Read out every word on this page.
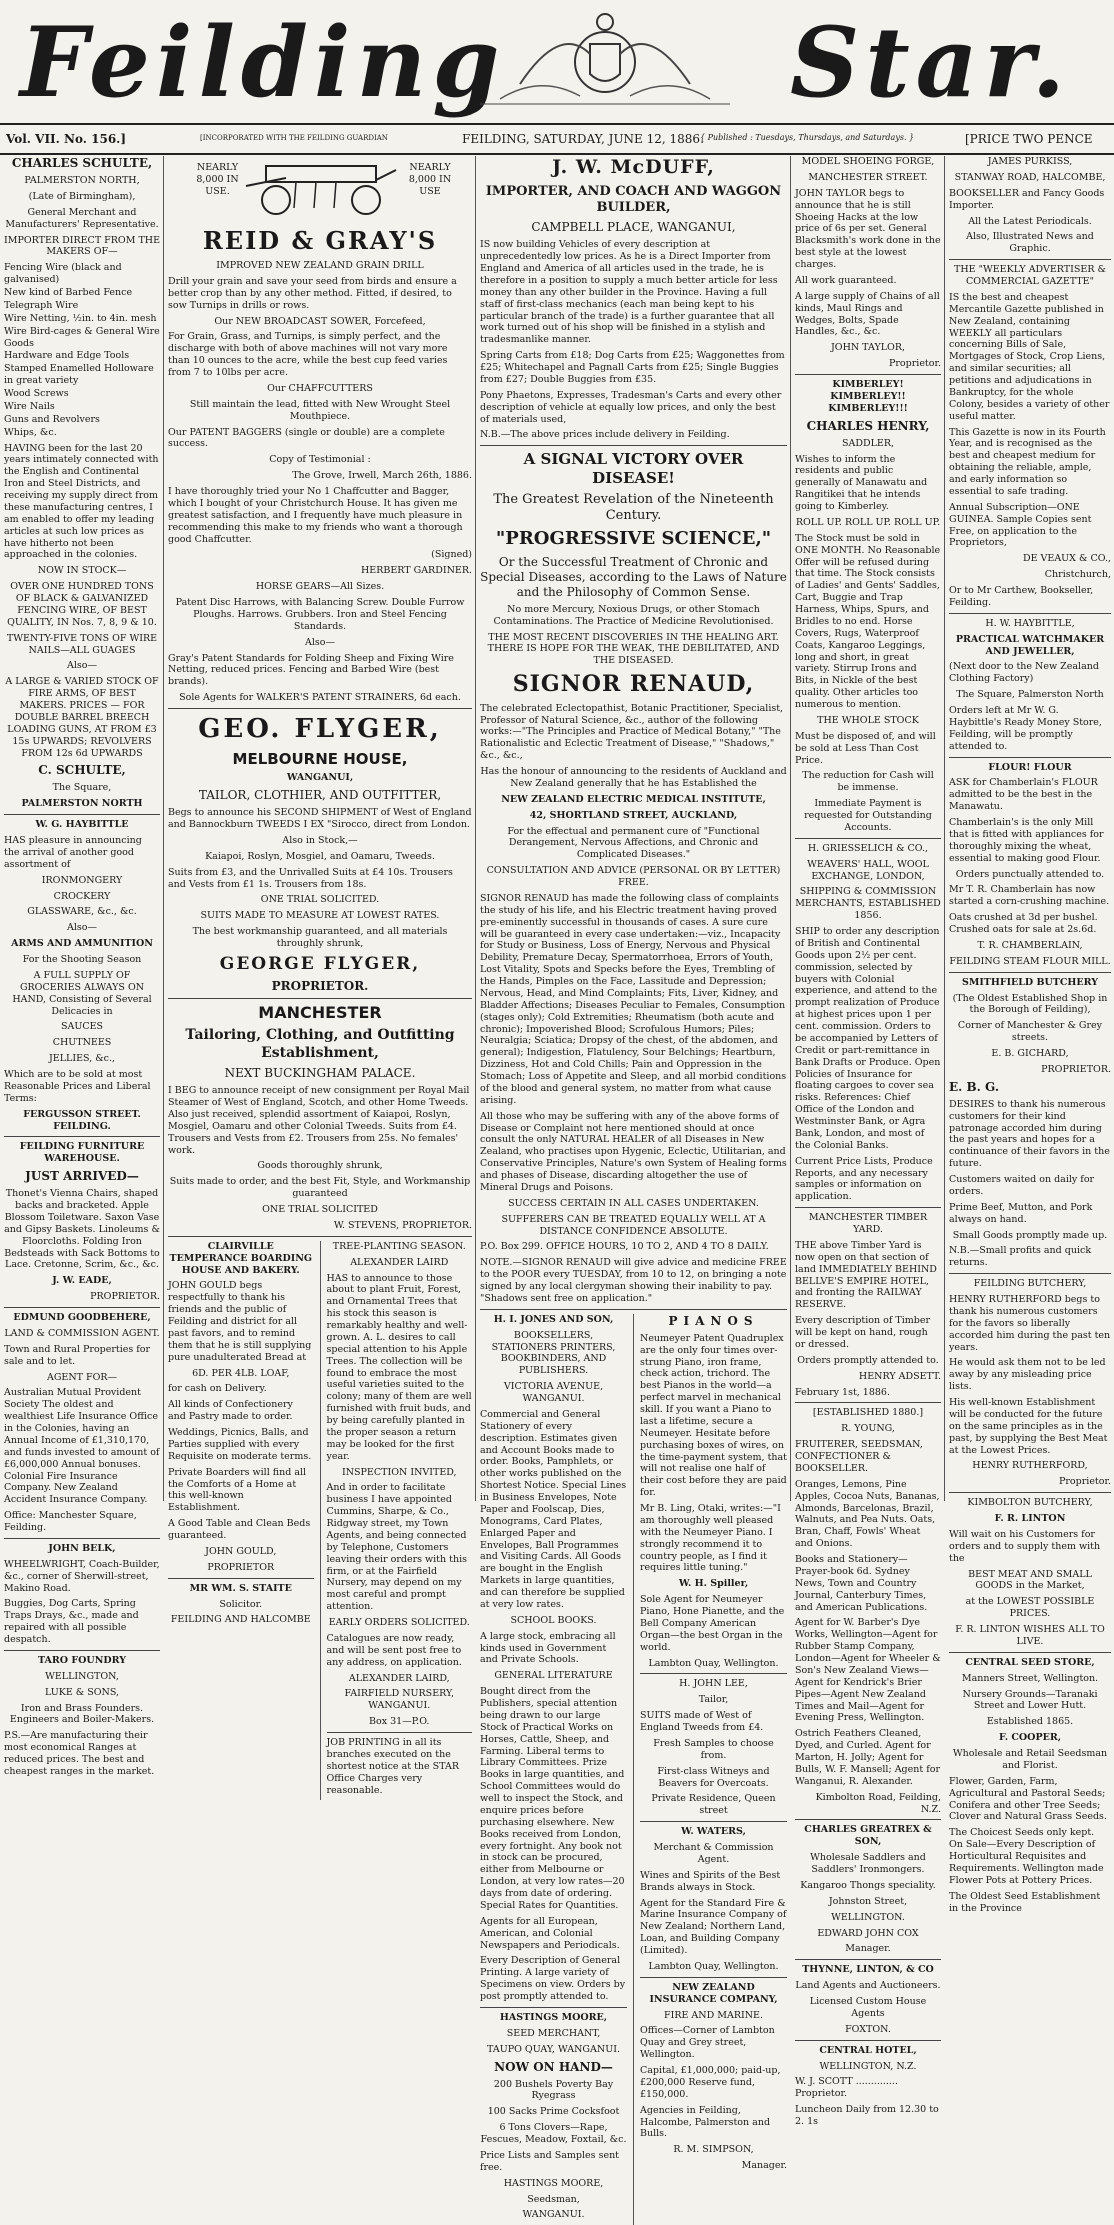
Feilding	Star.
Vol. VII. No. 156.]	[INCORPORATED WITH THE FEILDING GUARDIAN	FEILDING, SATURDAY, JUNE 12, 1886.
{ Published : Tuesdays, Thursdays, and Saturdays. }	[PRICE TWO PENCE

CHARLES SCHULTE,

PALMERSTON NORTH,

(Late of Birmingham),

General Merchant and Manufacturers' Representative.

IMPORTER DIRECT FROM THE MAKERS OF—

Fencing Wire (black and galvanised)
New kind of Barbed Fence
Telegraph Wire
Wire Netting, ½in. to 4in. mesh
Wire Bird-cages & General Wire Goods
Hardware and Edge Tools
Stamped Enamelled Holloware in great variety
Wood Screws
Wire Nails
Guns and Revolvers
Whips, &c.

HAVING been for the last 20 years intimately connected with the English and Continental Iron and Steel Districts, and receiving my supply direct from these manufacturing centres, I am enabled to offer my leading articles at such low prices as have hitherto not been approached in the colonies.

NOW IN STOCK—

OVER ONE HUNDRED TONS OF BLACK & GALVANIZED FENCING WIRE, OF BEST QUALITY, IN Nos. 7, 8, 9 & 10.

TWENTY-FIVE TONS OF WIRE NAILS—ALL GUAGES

Also—

A LARGE & VARIED STOCK OF FIRE ARMS, OF BEST MAKERS. PRICES — FOR DOUBLE BARREL BREECH LOADING GUNS, AT FROM £3 15s UPWARDS; REVOLVERS FROM 12s 6d UPWARDS

C. SCHULTE,

The Square,

PALMERSTON NORTH

W. G. HAYBITTLE

HAS pleasure in announcing the arrival of another good assortment of

IRONMONGERY

CROCKERY

GLASSWARE, &c., &c.

Also—

ARMS AND AMMUNITION

For the Shooting Season

A FULL SUPPLY OF GROCERIES ALWAYS ON HAND, Consisting of Several Delicacies in

SAUCES

CHUTNEES

JELLIES, &c.,

Which are to be sold at most Reasonable Prices and Liberal Terms:

FERGUSSON STREET. FEILDING.

FEILDING FURNITURE WAREHOUSE.

JUST ARRIVED—

Thonet's Vienna Chairs, shaped backs and bracketed. Apple Blossom Toiletware. Saxon Vase and Gipsy Baskets. Linoleums & Floorcloths. Folding Iron Bedsteads with Sack Bottoms to Lace. Cretonne, Scrim, &c., &c.

J. W. EADE,

PROPRIETOR.

EDMUND GOODBEHERE,

LAND & COMMISSION AGENT.

Town and Rural Properties for sale and to let.

AGENT FOR—

Australian Mutual Provident Society The oldest and wealthiest Life Insurance Office in the Colonies, having an Annual Income of £1,310,170, and funds invested to amount of £6,000,000 Annual bonuses. Colonial Fire Insurance Company. New Zealand Accident Insurance Company.

Office: Manchester Square, Feilding.

JOHN BELK,

WHEELWRIGHT, Coach-Builder, &c., corner of Sherwill-street, Makino Road.

Buggies, Dog Carts, Spring Traps Drays, &c., made and repaired with all possible despatch.

TARO FOUNDRY

WELLINGTON,

LUKE & SONS,

Iron and Brass Founders. Engineers and Boiler-Makers.

P.S.—Are manufacturing their most economical Ranges at reduced prices. The best and cheapest ranges in the market.

NEARLY 8,000 IN USE.
NEARLY 8,000 IN USE

REID & GRAY'S

IMPROVED NEW ZEALAND GRAIN DRILL

Drill your grain and save your seed from birds and ensure a better crop than by any other method. Fitted, if desired, to sow Turnips in drills or rows.

Our NEW BROADCAST SOWER, Forcefeed,

For Grain, Grass, and Turnips, is simply perfect, and the discharge with both of above machines will not vary more than 10 ounces to the acre, while the best cup feed varies from 7 to 10lbs per acre.

Our CHAFFCUTTERS

Still maintain the lead, fitted with New Wrought Steel Mouthpiece.

Our PATENT BAGGERS (single or double) are a complete success.

Copy of Testimonial :

The Grove, Irwell, March 26th, 1886.

I have thoroughly tried your No 1 Chaffcutter and Bagger, which I bought of your Christchurch House. It has given me greatest satisfaction, and I frequently have much pleasure in recommending this make to my friends who want a thorough good Chaffcutter.

(Signed)

HERBERT GARDINER.

HORSE GEARS—All Sizes.

Patent Disc Harrows, with Balancing Screw. Double Furrow Ploughs. Harrows. Grubbers. Iron and Steel Fencing Standards.

Also—

Gray's Patent Standards for Folding Sheep and Fixing Wire Netting, reduced prices. Fencing and Barbed Wire (best brands).

Sole Agents for WALKER'S PATENT STRAINERS, 6d each.

GEO. FLYGER,

MELBOURNE HOUSE,

WANGANUI,

TAILOR, CLOTHIER, AND OUTFITTER,

Begs to announce his SECOND SHIPMENT of West of England and Bannockburn TWEEDS I EX "Sirocco, direct from London.

Also in Stock,—

Kaiapoi, Roslyn, Mosgiel, and Oamaru, Tweeds.

Suits from £3, and the Unrivalled Suits at £4 10s. Trousers and Vests from £1 1s. Trousers from 18s.

ONE TRIAL SOLICITED.

SUITS MADE TO MEASURE AT LOWEST RATES.

The best workmanship guaranteed, and all materials throughly shrunk,

GEORGE FLYGER,

PROPRIETOR.

MANCHESTER

Tailoring, Clothing, and Outfitting Establishment,

NEXT BUCKINGHAM PALACE.

I BEG to announce receipt of new consignment per Royal Mail Steamer of West of England, Scotch, and other Home Tweeds. Also just received, splendid assortment of Kaiapoi, Roslyn, Mosgiel, Oamaru and other Colonial Tweeds. Suits from £4. Trousers and Vests from £2. Trousers from 25s. No females' work.

Goods thoroughly shrunk,

Suits made to order, and the best Fit, Style, and Workmanship guaranteed

ONE TRIAL SOLICITED

W. STEVENS, PROPRIETOR.

CLAIRVILLE TEMPERANCE BOARDING HOUSE AND BAKERY.

JOHN GOULD begs respectfully to thank his friends and the public of Feilding and district for all past favors, and to remind them that he is still supplying pure unadulterated Bread at

6D. PER 4LB. LOAF,

for cash on Delivery.

All kinds of Confectionery and Pastry made to order.

Weddings, Picnics, Balls, and Parties supplied with every Requisite on moderate terms.

Private Boarders will find all the Comforts of a Home at this well-known Establishment.

A Good Table and Clean Beds guaranteed.

JOHN GOULD,

PROPRIETOR

MR WM. S. STAITE

Solicitor.

FEILDING AND HALCOMBE

TREE-PLANTING SEASON.

ALEXANDER LAIRD

HAS to announce to those about to plant Fruit, Forest, and Ornamental Trees that his stock this season is remarkably healthy and well-grown. A. L. desires to call special attention to his Apple Trees. The collection will be found to embrace the most useful varieties suited to the colony; many of them are well furnished with fruit buds, and by being carefully planted in the proper season a return may be looked for the first year.

INSPECTION INVITED,

And in order to facilitate business I have appointed Cummins, Sharpe, & Co., Ridgway street, my Town Agents, and being connected by Telephone, Customers leaving their orders with this firm, or at the Fairfield Nursery, may depend on my most careful and prompt attention.

EARLY ORDERS SOLICITED.

Catalogues are now ready, and will be sent post free to any address, on application.

ALEXANDER LAIRD,

FAIRFIELD NURSERY, WANGANUI.

Box 31—P.O.

JOB PRINTING in all its branches executed on the shortest notice at the STAR Office Charges very reasonable.

J. W. McDUFF,

IMPORTER, AND COACH AND WAGGON BUILDER,

CAMPBELL PLACE, WANGANUI,

IS now building Vehicles of every description at unprecedentedly low prices. As he is a Direct Importer from England and America of all articles used in the trade, he is therefore in a position to supply a much better article for less money than any other builder in the Province. Having a full staff of first-class mechanics (each man being kept to his particular branch of the trade) is a further guarantee that all work turned out of his shop will be finished in a stylish and tradesmanlike manner.

Spring Carts from £18; Dog Carts from £25; Waggonettes from £25; Whitechapel and Pagnall Carts from £25; Single Buggies from £27; Double Buggies from £35.

Pony Phaetons, Expresses, Tradesman's Carts and every other description of vehicle at equally low prices, and only the best of materials used,

N.B.—The above prices include delivery in Feilding.

A SIGNAL VICTORY OVER DISEASE!

The Greatest Revelation of the Nineteenth Century.

"PROGRESSIVE SCIENCE,"

Or the Successful Treatment of Chronic and Special Diseases, according to the Laws of Nature and the Philosophy of Common Sense.

No more Mercury, Noxious Drugs, or other Stomach Contaminations. The Practice of Medicine Revolutionised.

THE MOST RECENT DISCOVERIES IN THE HEALING ART. THERE IS HOPE FOR THE WEAK, THE DEBILITATED, AND THE DISEASED.

SIGNOR RENAUD,

The celebrated Eclectopathist, Botanic Practitioner, Specialist, Professor of Natural Science, &c., author of the following works:—"The Principles and Practice of Medical Botany," "The Rationalistic and Eclectic Treatment of Disease," "Shadows," &c., &c.,

Has the honour of announcing to the residents of Auckland and New Zealand generally that he has Established the

NEW ZEALAND ELECTRIC MEDICAL INSTITUTE,

42, SHORTLAND STREET, AUCKLAND,

For the effectual and permanent cure of "Functional Derangement, Nervous Affections, and Chronic and Complicated Diseases."

CONSULTATION AND ADVICE (PERSONAL OR BY LETTER) FREE.

SIGNOR RENAUD has made the following class of complaints the study of his life, and his Electric treatment having proved pre-eminently successful in thousands of cases. A sure cure will be guaranteed in every case undertaken:—viz., Incapacity for Study or Business, Loss of Energy, Nervous and Physical Debility, Premature Decay, Spermatorrhoea, Errors of Youth, Lost Vitality, Spots and Specks before the Eyes, Trembling of the Hands, Pimples on the Face, Lassitude and Depression; Nervous, Head, and Mind Complaints; Fits, Liver, Kidney, and Bladder Affections; Diseases Peculiar to Females, Consumption (stages only); Cold Extremities; Rheumatism (both acute and chronic); Impoverished Blood; Scrofulous Humors; Piles; Neuralgia; Sciatica; Dropsy of the chest, of the abdomen, and general); Indigestion, Flatulency, Sour Belchings; Heartburn, Dizziness, Hot and Cold Chills; Pain and Oppression in the Stomach; Loss of Appetite and Sleep, and all morbid conditions of the blood and general system, no matter from what cause arising.

All those who may be suffering with any of the above forms of Disease or Complaint not here mentioned should at once consult the only NATURAL HEALER of all Diseases in New Zealand, who practises upon Hygenic, Eclectic, Utilitarian, and Conservative Principles, Nature's own System of Healing forms and phases of Disease, discarding altogether the use of Mineral Drugs and Poisons.

SUCCESS CERTAIN IN ALL CASES UNDERTAKEN.

SUFFERERS CAN BE TREATED EQUALLY WELL AT A DISTANCE CONFIDENCE ABSOLUTE.

P.O. Box 299. OFFICE HOURS, 10 TO 2, AND 4 TO 8 DAILY.

NOTE.—SIGNOR RENAUD will give advice and medicine FREE to the POOR every TUESDAY, from 10 to 12, on bringing a note signed by any local clergyman showing their inability to pay. "Shadows sent free on application."

H. I. JONES AND SON,

BOOKSELLERS, STATIONERS PRINTERS, BOOKBINDERS, AND PUBLISHERS.

VICTORIA AVENUE, WANGANUI.

Commercial and General Stationery of every description. Estimates given and Account Books made to order. Books, Pamphlets, or other works published on the Shortest Notice. Special Lines in Business Envelopes, Note Paper and Foolscap, Dies, Monograms, Card Plates, Enlarged Paper and Envelopes, Ball Programmes and Visiting Cards. All Goods are bought in the English Markets in large quantities, and can therefore be supplied at very low rates.

SCHOOL BOOKS.

A large stock, embracing all kinds used in Government and Private Schools.

GENERAL LITERATURE

Bought direct from the Publishers, special attention being drawn to our large Stock of Practical Works on Horses, Cattle, Sheep, and Farming. Liberal terms to Library Committees. Prize Books in large quantities, and School Committees would do well to inspect the Stock, and enquire prices before purchasing elsewhere. New Books received from London, every fortnight. Any book not in stock can be procured, either from Melbourne or London, at very low rates—20 days from date of ordering. Special Rates for Quantities.

Agents for all European, American, and Colonial Newspapers and Periodicals.

Every Description of General Printing. A large variety of Specimens on view. Orders by post promptly attended to.

HASTINGS MOORE,

SEED MERCHANT,

TAUPO QUAY, WANGANUI.

NOW ON HAND—

200 Bushels Poverty Bay Ryegrass

100 Sacks Prime Cocksfoot

6 Tons Clovers—Rape, Fescues, Meadow, Foxtail, &c.

Price Lists and Samples sent free.

HASTINGS MOORE,

Seedsman,

WANGANUI.

PIANOS

Neumeyer Patent Quadruplex are the only four times over-strung Piano, iron frame, check action, trichord. The best Pianos in the world—a perfect marvel in mechanical skill. If you want a Piano to last a lifetime, secure a Neumeyer. Hesitate before purchasing boxes of wires, on the time-payment system, that will not realise one half of their cost before they are paid for.

Mr B. Ling, Otaki, writes:—"I am thoroughly well pleased with the Neumeyer Piano. I strongly recommend it to country people, as I find it requires little tuning."

W. H. Spiller,

Sole Agent for Neumeyer Piano, Hone Pianette, and the Bell Company American Organ—the best Organ in the world.

Lambton Quay, Wellington.

H. JOHN LEE,

Tailor,

SUITS made of West of England Tweeds from £4.

Fresh Samples to choose from.

First-class Witneys and Beavers for Overcoats.

Private Residence, Queen street

W. WATERS,

Merchant & Commission Agent.

Wines and Spirits of the Best Brands always in Stock.

Agent for the Standard Fire & Marine Insurance Company of New Zealand; Northern Land, Loan, and Building Company (Limited).

Lambton Quay, Wellington.

NEW ZEALAND INSURANCE COMPANY,

FIRE AND MARINE.

Offices—Corner of Lambton Quay and Grey street, Wellington.

Capital, £1,000,000; paid-up, £200,000 Reserve fund, £150,000.

Agencies in Feilding, Halcombe, Palmerston and Bulls.

R. M. SIMPSON,

Manager.

MODEL SHOEING FORGE,

MANCHESTER STREET.

JOHN TAYLOR begs to announce that he is still Shoeing Hacks at the low price of 6s per set. General Blacksmith's work done in the best style at the lowest charges.

All work guaranteed.

A large supply of Chains of all kinds, Maul Rings and Wedges, Bolts, Spade Handles, &c., &c.

JOHN TAYLOR,

Proprietor.

KIMBERLEY! KIMBERLEY!! KIMBERLEY!!!

CHARLES HENRY,

SADDLER,

Wishes to inform the residents and public generally of Manawatu and Rangitikei that he intends going to Kimberley.

ROLL UP. ROLL UP. ROLL UP.

The Stock must be sold in ONE MONTH. No Reasonable Offer will be refused during that time. The Stock consists of Ladies' and Gents' Saddles, Cart, Buggie and Trap Harness, Whips, Spurs, and Bridles to no end. Horse Covers, Rugs, Waterproof Coats, Kangaroo Leggings, long and short, in great variety. Stirrup Irons and Bits, in Nickle of the best quality. Other articles too numerous to mention.

THE WHOLE STOCK

Must be disposed of, and will be sold at Less Than Cost Price.

The reduction for Cash will be immense.

Immediate Payment is requested for Outstanding Accounts.

H. GRIESSELICH & CO.,

WEAVERS' HALL, WOOL EXCHANGE, LONDON,

SHIPPING & COMMISSION MERCHANTS, ESTABLISHED 1856.

SHIP to order any description of British and Continental Goods upon 2½ per cent. commission, selected by buyers with Colonial experience, and attend to the prompt realization of Produce at highest prices upon 1 per cent. commission. Orders to be accompanied by Letters of Credit or part-remittance in Bank Drafts or Produce. Open Policies of Insurance for floating cargoes to cover sea risks. References: Chief Office of the London and Westminster Bank, or Agra Bank, London, and most of the Colonial Banks.

Current Price Lists, Produce Reports, and any necessary samples or information on application.

MANCHESTER TIMBER YARD.

THE above Timber Yard is now open on that section of land IMMEDIATELY BEHIND BELLVE'S EMPIRE HOTEL, and fronting the RAILWAY RESERVE.

Every description of Timber will be kept on hand, rough or dressed.

Orders promptly attended to.

HENRY ADSETT.

February 1st, 1886.

[ESTABLISHED 1880.]

R. YOUNG,

FRUITERER, SEEDSMAN, CONFECTIONER & BOOKSELLER.

Oranges, Lemons, Pine Apples, Cocoa Nuts, Bananas, Almonds, Barcelonas, Brazil, Walnuts, and Pea Nuts. Oats, Bran, Chaff, Fowls' Wheat and Onions.

Books and Stationery—Prayer-book 6d. Sydney News, Town and Country Journal, Canterbury Times, and American Publications.

Agent for W. Barber's Dye Works, Wellington—Agent for Rubber Stamp Company, London—Agent for Wheeler & Son's New Zealand Views—Agent for Kendrick's Brier Pipes—Agent New Zealand Times and Mail—Agent for Evening Press, Wellington.

Ostrich Feathers Cleaned, Dyed, and Curled. Agent for Marton, H. Jolly; Agent for Bulls, W. F. Mansell; Agent for Wanganui, R. Alexander.

Kimbolton Road, Feilding, N.Z.

CHARLES GREATREX & SON,

Wholesale Saddlers and Saddlers' Ironmongers.

Kangaroo Thongs speciality.

Johnston Street,

WELLINGTON.

EDWARD JOHN COX

Manager.

THYNNE, LINTON, & CO

Land Agents and Auctioneers.

Licensed Custom House Agents

FOXTON.

CENTRAL HOTEL,

WELLINGTON, N.Z.

W. J. SCOTT .............. Proprietor.

Luncheon Daily from 12.30 to 2. 1s

JAMES PURKISS,

STANWAY ROAD, HALCOMBE,

BOOKSELLER and Fancy Goods Importer.

All the Latest Periodicals.

Also, Illustrated News and Graphic.

THE "WEEKLY ADVERTISER & COMMERCIAL GAZETTE"

IS the best and cheapest Mercantile Gazette published in New Zealand, containing WEEKLY all particulars concerning Bills of Sale, Mortgages of Stock, Crop Liens, and similar securities; all petitions and adjudications in Bankruptcy, for the whole Colony, besides a variety of other useful matter.

This Gazette is now in its Fourth Year, and is recognised as the best and cheapest medium for obtaining the reliable, ample, and early information so essential to safe trading.

Annual Subscription—ONE GUINEA. Sample Copies sent Free, on application to the Proprietors,

DE VEAUX & CO.,

Christchurch,

Or to Mr Carthew, Bookseller, Feilding.

H. W. HAYBITTLE,

PRACTICAL WATCHMAKER AND JEWELLER,

(Next door to the New Zealand Clothing Factory)

The Square, Palmerston North

Orders left at Mr W. G. Haybittle's Ready Money Store, Feilding, will be promptly attended to.

FLOUR! FLOUR

ASK for Chamberlain's FLOUR admitted to be the best in the Manawatu.

Chamberlain's is the only Mill that is fitted with appliances for thoroughly mixing the wheat, essential to making good Flour.

Orders punctually attended to.

Mr T. R. Chamberlain has now started a corn-crushing machine.

Oats crushed at 3d per bushel. Crushed oats for sale at 2s.6d.

T. R. CHAMBERLAIN,

FEILDING STEAM FLOUR MILL.

SMITHFIELD BUTCHERY

(The Oldest Established Shop in the Borough of Feilding),

Corner of Manchester & Grey streets.

E. B. GICHARD,

PROPRIETOR.

E. B. G.

DESIRES to thank his numerous customers for their kind patronage accorded him during the past years and hopes for a continuance of their favors in the future.

Customers waited on daily for orders.

Prime Beef, Mutton, and Pork always on hand.

Small Goods promptly made up.

N.B.—Small profits and quick returns.

FEILDING BUTCHERY,

HENRY RUTHERFORD begs to thank his numerous customers for the favors so liberally accorded him during the past ten years.

He would ask them not to be led away by any misleading price lists.

His well-known Establishment will be conducted for the future on the same principles as in the past, by supplying the Best Meat at the Lowest Prices.

HENRY RUTHERFORD,

Proprietor.

KIMBOLTON BUTCHERY,

F. R. LINTON

Will wait on his Customers for orders and to supply them with the

BEST MEAT AND SMALL GOODS in the Market,

at the LOWEST POSSIBLE PRICES.

F. R. LINTON WISHES ALL TO LIVE.

CENTRAL SEED STORE,

Manners Street, Wellington.

Nursery Grounds—Taranaki Street and Lower Hutt.

Established 1865.

F. COOPER,

Wholesale and Retail Seedsman and Florist.

Flower, Garden, Farm, Agricultural and Pastoral Seeds; Conifera and other Tree Seeds; Clover and Natural Grass Seeds.

The Choicest Seeds only kept. On Sale—Every Description of Horticultural Requisites and Requirements. Wellington made Flower Pots at Pottery Prices.

The Oldest Seed Establishment in the Province
